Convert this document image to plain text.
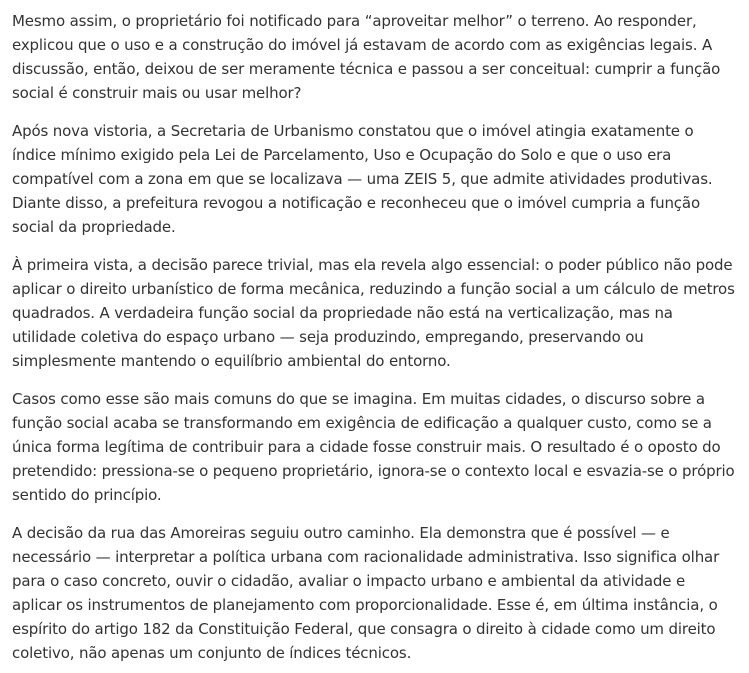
Mesmo assim, o proprietário foi notificado para “aproveitar melhor” o terreno. Ao responder, explicou que o uso e a construção do imóvel já estavam de acordo com as exigências legais. A discussão, então, deixou de ser meramente técnica e passou a ser conceitual: cumprir a função social é construir mais ou usar melhor?

Após nova vistoria, a Secretaria de Urbanismo constatou que o imóvel atingia exatamente o índice mínimo exigido pela Lei de Parcelamento, Uso e Ocupação do Solo e que o uso era compatível com a zona em que se localizava — uma ZEIS 5, que admite atividades produtivas. Diante disso, a prefeitura revogou a notificação e reconheceu que o imóvel cumpria a função social da propriedade.

À primeira vista, a decisão parece trivial, mas ela revela algo essencial: o poder público não pode aplicar o direito urbanístico de forma mecânica, reduzindo a função social a um cálculo de metros quadrados. A verdadeira função social da propriedade não está na verticalização, mas na utilidade coletiva do espaço urbano — seja produzindo, empregando, preservando ou simplesmente mantendo o equilíbrio ambiental do entorno.

Casos como esse são mais comuns do que se imagina. Em muitas cidades, o discurso sobre a função social acaba se transformando em exigência de edificação a qualquer custo, como se a única forma legítima de contribuir para a cidade fosse construir mais. O resultado é o oposto do pretendido: pressiona-se o pequeno proprietário, ignora-se o contexto local e esvazia-se o próprio sentido do princípio.

A decisão da rua das Amoreiras seguiu outro caminho. Ela demonstra que é possível — e necessário — interpretar a política urbana com racionalidade administrativa. Isso significa olhar para o caso concreto, ouvir o cidadão, avaliar o impacto urbano e ambiental da atividade e aplicar os instrumentos de planejamento com proporcionalidade. Esse é, em última instância, o espírito do artigo 182 da Constituição Federal, que consagra o direito à cidade como um direito coletivo, não apenas um conjunto de índices técnicos.
